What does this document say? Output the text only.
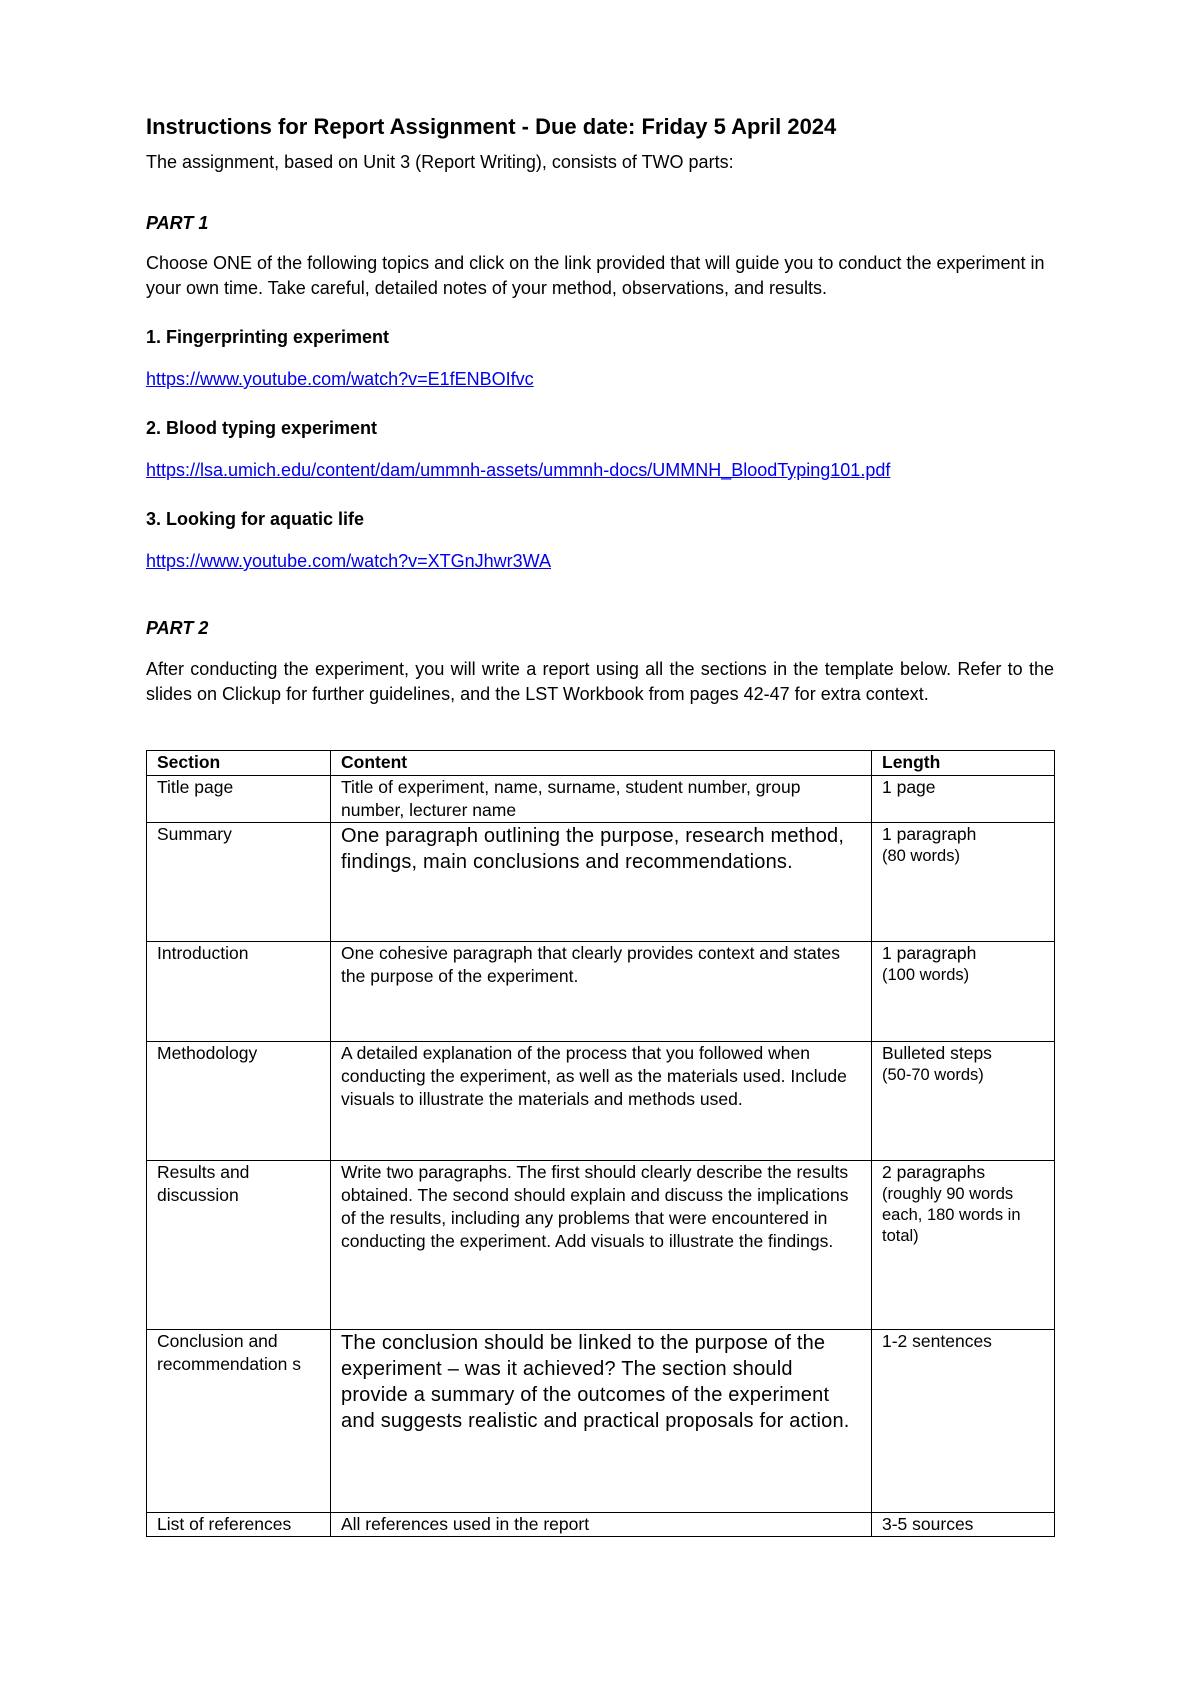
Instructions for Report Assignment - Due date: Friday 5 April 2024

The assignment, based on Unit 3 (Report Writing), consists of TWO parts:

PART 1

Choose ONE of the following topics and click on the link provided that will guide you to conduct the experiment in your own time. Take careful, detailed notes of your method, observations, and results.

1. Fingerprinting experiment

https://www.youtube.com/watch?v=E1fENBOIfvc

2. Blood typing experiment

https://lsa.umich.edu/content/dam/ummnh-assets/ummnh-docs/UMMNH_BloodTyping101.pdf

3. Looking for aquatic life

https://www.youtube.com/watch?v=XTGnJhwr3WA

PART 2

After conducting the experiment, you will write a report using all the sections in the template below. Refer to the slides on Clickup for further guidelines, and the LST Workbook from pages 42-47 for extra context.

Section	Content	Length
Title page	Title of experiment, name, surname, student number, group number, lecturer name	1 page

Summary	One paragraph outlining the purpose, research method, findings, main conclusions and recommendations.	1 paragraph
(80 words)

Introduction	One cohesive paragraph that clearly provides context and states the purpose of the experiment.	1 paragraph
(100 words)

Methodology	A detailed explanation of the process that you followed when conducting the experiment, as well as the materials used. Include visuals to illustrate the materials and methods used.	Bulleted steps
(50-70 words)

Results and discussion	Write two paragraphs. The first should clearly describe the results obtained. The second should explain and discuss the implications of the results, including any problems that were encountered in conducting the experiment. Add visuals to illustrate the findings.	2 paragraphs
(roughly 90 words each, 180 words in total)

Conclusion and recommendation s	The conclusion should be linked to the purpose of the experiment – was it achieved? The section should provide a summary of the outcomes of the experiment and suggests realistic and practical proposals for action.	1-2 sentences

List of references	All references used in the report	3-5 sources
